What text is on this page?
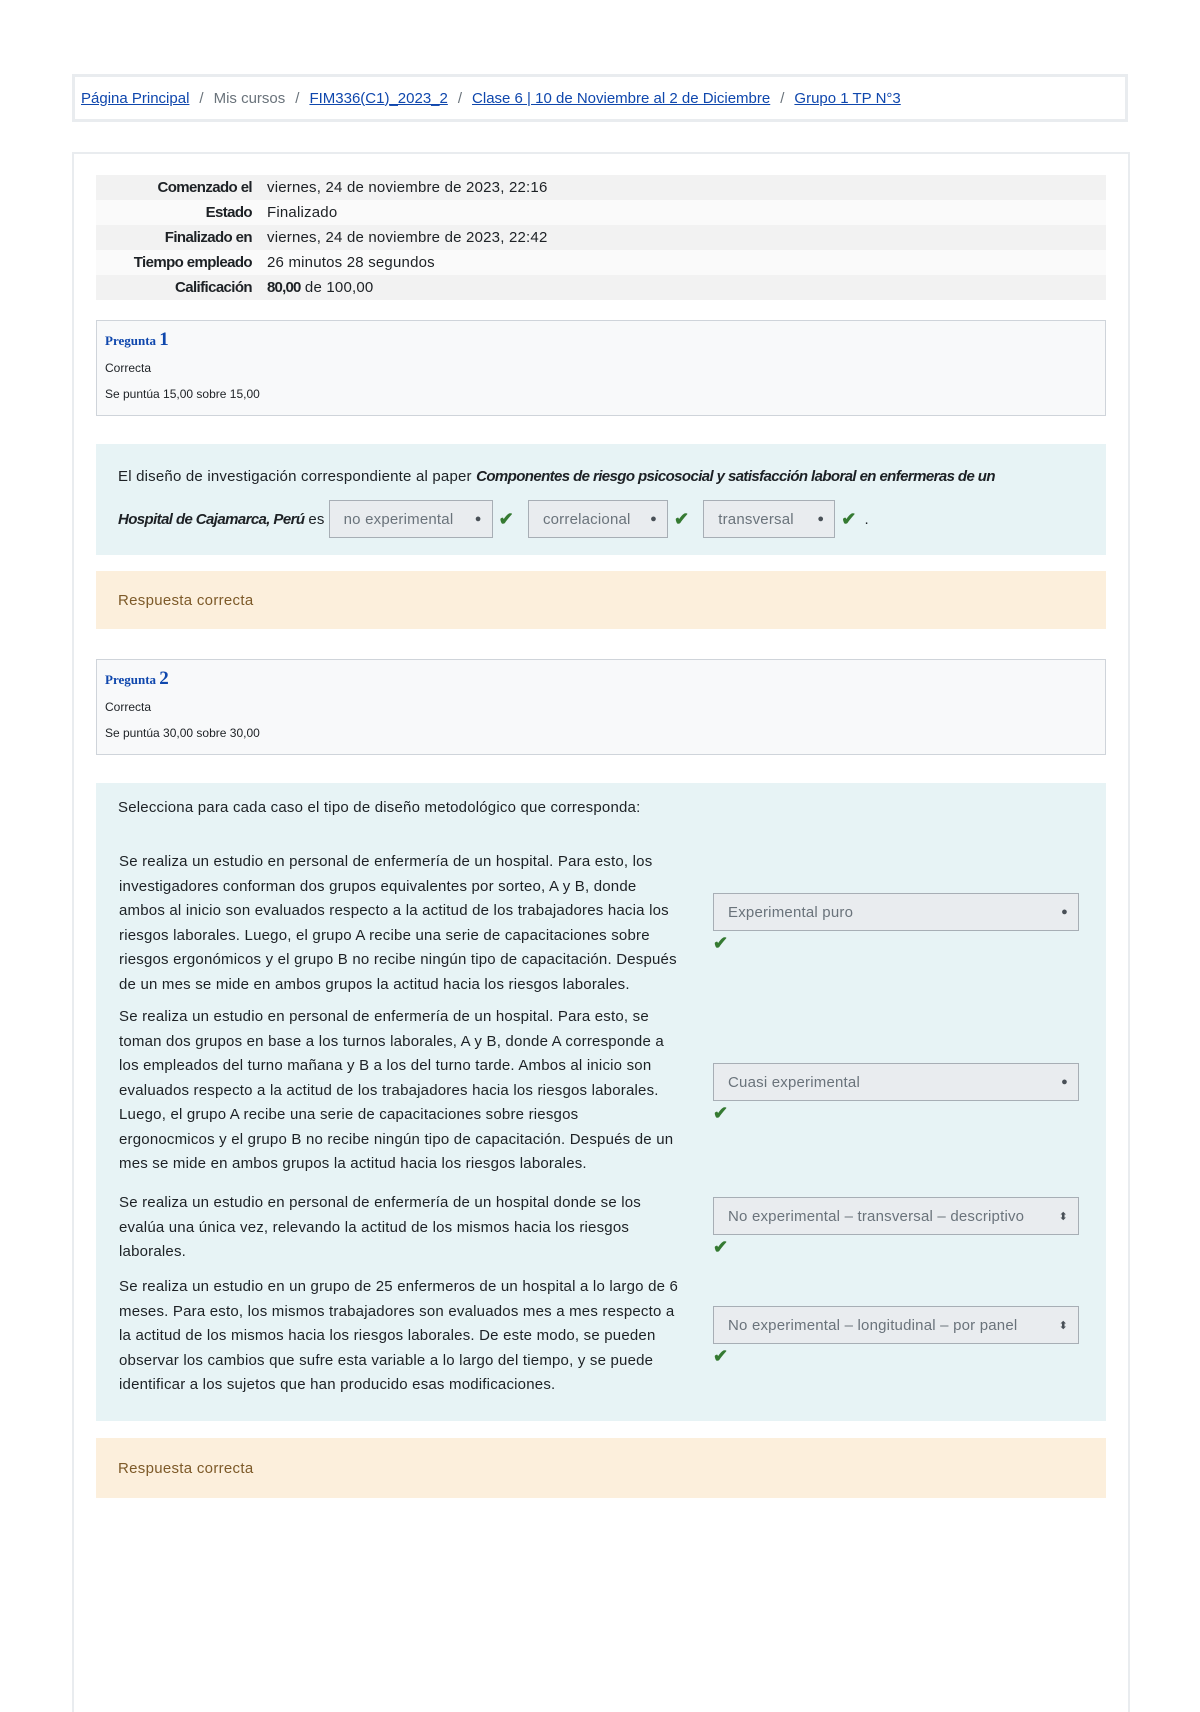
Página Principal / Mis cursos / FIM336(C1)_2023_2 / Clase 6 | 10 de Noviembre al 2 de Diciembre / Grupo 1 TP N°3
Comenzado el	viernes, 24 de noviembre de 2023, 22:16
Estado	Finalizado
Finalizado en	viernes, 24 de noviembre de 2023, 22:42
Tiempo empleado	26 minutos 28 segundos
Calificación	80,00 de 100,00
Pregunta 1
Correcta
Se puntúa 15,00 sobre 15,00
El diseño de investigación correspondiente al paper Componentes de riesgo psicosocial y satisfacción laboral en enfermeras de un
Hospital de Cajamarca, Perú es no experimental ● ✔ correlacional ● ✔ transversal ● ✔ .
Respuesta correcta
Pregunta 2
Correcta
Se puntúa 30,00 sobre 30,00
Selecciona para cada caso el tipo de diseño metodológico que corresponda:
Se realiza un estudio en personal de enfermería de un hospital. Para esto, los
investigadores conforman dos grupos equivalentes por sorteo, A y B, donde
ambos al inicio son evaluados respecto a la actitud de los trabajadores hacia los
riesgos laborales. Luego, el grupo A recibe una serie de capacitaciones sobre
riesgos ergonómicos y el grupo B no recibe ningún tipo de capacitación. Después
de un mes se mide en ambos grupos la actitud hacia los riesgos laborales.
Experimental puro	●
✔
Se realiza un estudio en personal de enfermería de un hospital. Para esto, se
toman dos grupos en base a los turnos laborales, A y B, donde A corresponde a
los empleados del turno mañana y B a los del turno tarde. Ambos al inicio son
evaluados respecto a la actitud de los trabajadores hacia los riesgos laborales.
Luego, el grupo A recibe una serie de capacitaciones sobre riesgos
ergonocmicos y el grupo B no recibe ningún tipo de capacitación. Después de un
mes se mide en ambos grupos la actitud hacia los riesgos laborales.
Cuasi experimental	●
✔
Se realiza un estudio en personal de enfermería de un hospital donde se los
evalúa una única vez, relevando la actitud de los mismos hacia los riesgos
laborales.
No experimental – transversal – descriptivo	⬍
✔
Se realiza un estudio en un grupo de 25 enfermeros de un hospital a lo largo de 6
meses. Para esto, los mismos trabajadores son evaluados mes a mes respecto a
la actitud de los mismos hacia los riesgos laborales. De este modo, se pueden
observar los cambios que sufre esta variable a lo largo del tiempo, y se puede
identificar a los sujetos que han producido esas modificaciones.
No experimental – longitudinal – por panel	⬍
✔
Respuesta correcta
